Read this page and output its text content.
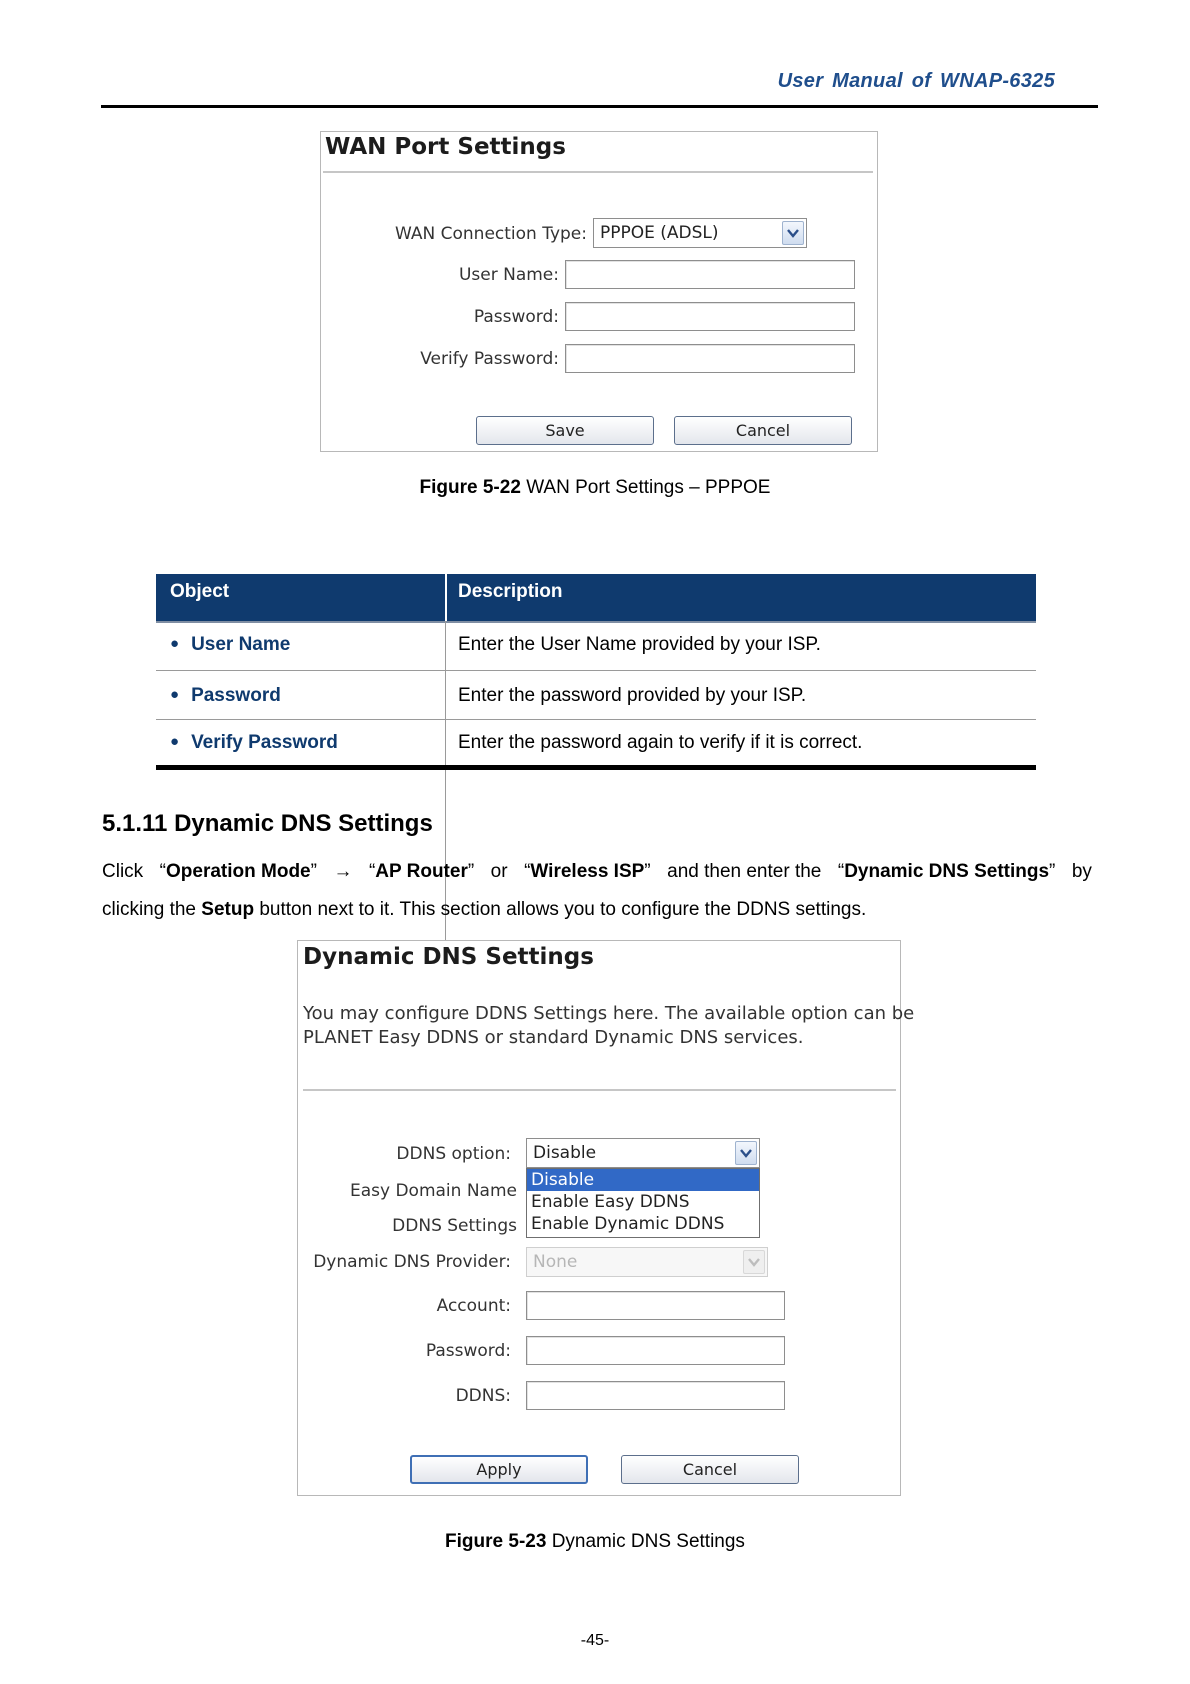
User Manual of WNAP-6325
WAN Port Settings
WAN Connection Type: PPPOE (ADSL)
User Name:
Password:
Verify Password:
Save	Cancel
Figure 5-22 WAN Port Settings – PPPOE
Object	Description
● User Name	Enter the User Name provided by your ISP.
● Password	Enter the password provided by your ISP.
● Verify Password	Enter the password again to verify if it is correct.
5.1.11 Dynamic DNS Settings
Click “Operation Mode” → “AP Router” or “Wireless ISP” and then enter the “Dynamic DNS Settings” by
clicking the Setup button next to it. This section allows you to configure the DDNS settings.
Dynamic DNS Settings
You may configure DDNS Settings here. The available option can be
PLANET Easy DDNS or standard Dynamic DNS services.
DDNS option:	Disable
Easy Domain Name
DDNS Settings
Disable
Enable Easy DDNS
Enable Dynamic DDNS
Dynamic DNS Provider:	None
Account:
Password:
DDNS:
Apply	Cancel
Figure 5-23 Dynamic DNS Settings
-45-
